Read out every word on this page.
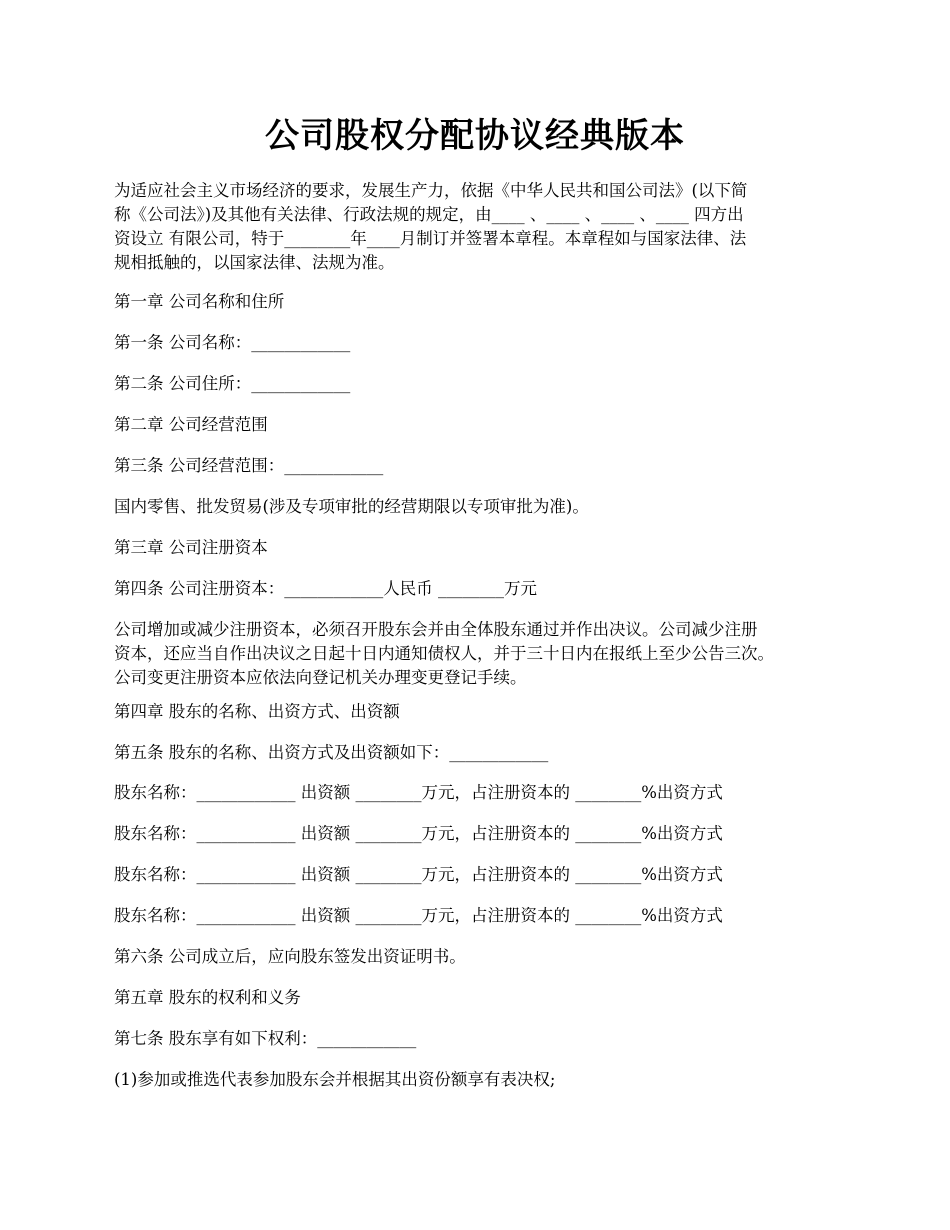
公司股权分配协议经典版本
为适应社会主义市场经济的要求，发展生产力，依据《中华人民共和国公司法》(以下简
称《公司法》)及其他有关法律、行政法规的规定，由____ 、____ 、____ 、____ 四方出
资设立 有限公司，特于________年____月制订并签署本章程。本章程如与国家法律、法
规相抵触的，以国家法律、法规为准。

第一章 公司名称和住所

第一条 公司名称：____________

第二条 公司住所：____________

第二章 公司经营范围

第三条 公司经营范围：____________

国内零售、批发贸易(涉及专项审批的经营期限以专项审批为准)。

第三章 公司注册资本

第四条 公司注册资本：____________人民币 ________万元

公司增加或减少注册资本，必须召开股东会并由全体股东通过并作出决议。公司减少注册
资本，还应当自作出决议之日起十日内通知债权人，并于三十日内在报纸上至少公告三次。
公司变更注册资本应依法向登记机关办理变更登记手续。

第四章 股东的名称、出资方式、出资额

第五条 股东的名称、出资方式及出资额如下：____________

股东名称：____________ 出资额 ________万元，占注册资本的 ________%出资方式

股东名称：____________ 出资额 ________万元，占注册资本的 ________%出资方式

股东名称：____________ 出资额 ________万元，占注册资本的 ________%出资方式

股东名称：____________ 出资额 ________万元，占注册资本的 ________%出资方式

第六条 公司成立后，应向股东签发出资证明书。

第五章 股东的权利和义务

第七条 股东享有如下权利：____________

(1)参加或推选代表参加股东会并根据其出资份额享有表决权;
